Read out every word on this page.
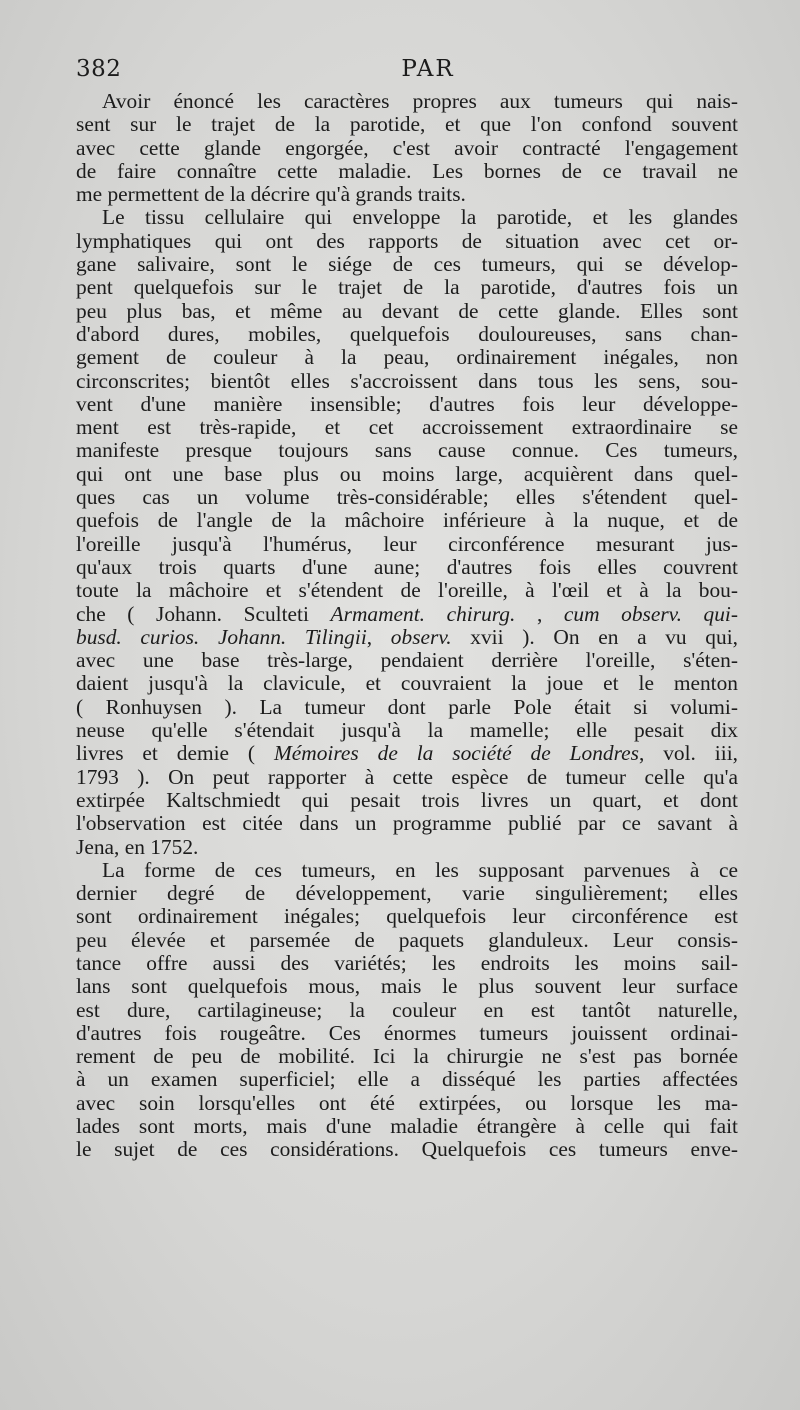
382	PAR
Avoir énoncé les caractères propres aux tumeurs qui nais-
sent sur le trajet de la parotide, et que l'on confond souvent
avec cette glande engorgée, c'est avoir contracté l'engagement
de faire connaître cette maladie. Les bornes de ce travail ne
me permettent de la décrire qu'à grands traits.
Le tissu cellulaire qui enveloppe la parotide, et les glandes
lymphatiques qui ont des rapports de situation avec cet or-
gane salivaire, sont le siége de ces tumeurs, qui se dévelop-
pent quelquefois sur le trajet de la parotide, d'autres fois un
peu plus bas, et même au devant de cette glande. Elles sont
d'abord dures, mobiles, quelquefois douloureuses, sans chan-
gement de couleur à la peau, ordinairement inégales, non
circonscrites; bientôt elles s'accroissent dans tous les sens, sou-
vent d'une manière insensible; d'autres fois leur développe-
ment est très-rapide, et cet accroissement extraordinaire se
manifeste presque toujours sans cause connue. Ces tumeurs,
qui ont une base plus ou moins large, acquièrent dans quel-
ques cas un volume très-considérable; elles s'étendent quel-
quefois de l'angle de la mâchoire inférieure à la nuque, et de
l'oreille jusqu'à l'humérus, leur circonférence mesurant jus-
qu'aux trois quarts d'une aune; d'autres fois elles couvrent
toute la mâchoire et s'étendent de l'oreille, à l'œil et à la bou-
che ( Johann. Sculteti Armament. chirurg. , cum observ. qui-
busd. curios. Johann. Tilingii, observ. xvii ). On en a vu qui,
avec une base très-large, pendaient derrière l'oreille, s'éten-
daient jusqu'à la clavicule, et couvraient la joue et le menton
( Ronhuysen ). La tumeur dont parle Pole était si volumi-
neuse qu'elle s'étendait jusqu'à la mamelle; elle pesait dix
livres et demie ( Mémoires de la société de Londres, vol. iii,
1793 ). On peut rapporter à cette espèce de tumeur celle qu'a
extirpée Kaltschmiedt qui pesait trois livres un quart, et dont
l'observation est citée dans un programme publié par ce savant à
Jena, en 1752.
La forme de ces tumeurs, en les supposant parvenues à ce
dernier degré de développement, varie singulièrement; elles
sont ordinairement inégales; quelquefois leur circonférence est
peu élevée et parsemée de paquets glanduleux. Leur consis-
tance offre aussi des variétés; les endroits les moins sail-
lans sont quelquefois mous, mais le plus souvent leur surface
est dure, cartilagineuse; la couleur en est tantôt naturelle,
d'autres fois rougeâtre. Ces énormes tumeurs jouissent ordinai-
rement de peu de mobilité. Ici la chirurgie ne s'est pas bornée
à un examen superficiel; elle a disséqué les parties affectées
avec soin lorsqu'elles ont été extirpées, ou lorsque les ma-
lades sont morts, mais d'une maladie étrangère à celle qui fait
le sujet de ces considérations. Quelquefois ces tumeurs enve-
